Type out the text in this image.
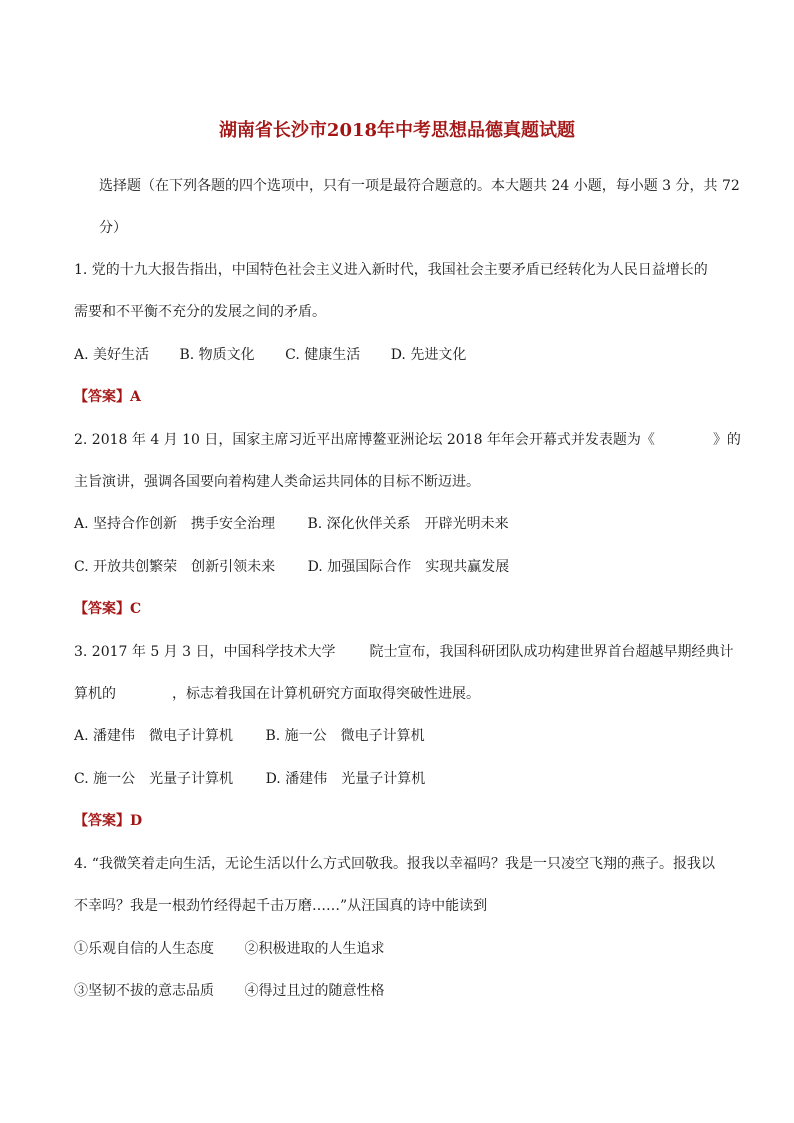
湖南省长沙市2018年中考思想品德真题试题
选择题（在下列各题的四个选项中，只有一项是最符合题意的。本大题共 24 小题，每小题 3 分，共 72
分）
1. 党的十九大报告指出，中国特色社会主义进入新时代，我国社会主要矛盾已经转化为人民日益增长的
需要和不平衡不充分的发展之间的矛盾。
A. 美好生活 B. 物质文化 C. 健康生活 D. 先进文化
【答案】A
2. 2018 年 4 月 10 日，国家主席习近平出席博鳌亚洲论坛 2018 年年会开幕式并发表题为《	》的
主旨演讲，强调各国要向着构建人类命运共同体的目标不断迈进。
A. 坚持合作创新　携手安全治理 B. 深化伙伴关系　开辟光明未来
C. 开放共创繁荣　创新引领未来 D. 加强国际合作　实现共赢发展
【答案】C
3. 2017 年 5 月 3 日，中国科学技术大学 院士宣布，我国科研团队成功构建世界首台超越早期经典计
算机的	，标志着我国在计算机研究方面取得突破性进展。
A. 潘建伟　微电子计算机 B. 施一公　微电子计算机
C. 施一公　光量子计算机 D. 潘建伟　光量子计算机
【答案】D
4. “我微笑着走向生活，无论生活以什么方式回敬我。报我以幸福吗？我是一只凌空飞翔的燕子。报我以
不幸吗？我是一根劲竹经得起千击万磨……”从汪国真的诗中能读到
①乐观自信的人生态度 ②积极进取的人生追求
③坚韧不拔的意志品质 ④得过且过的随意性格
